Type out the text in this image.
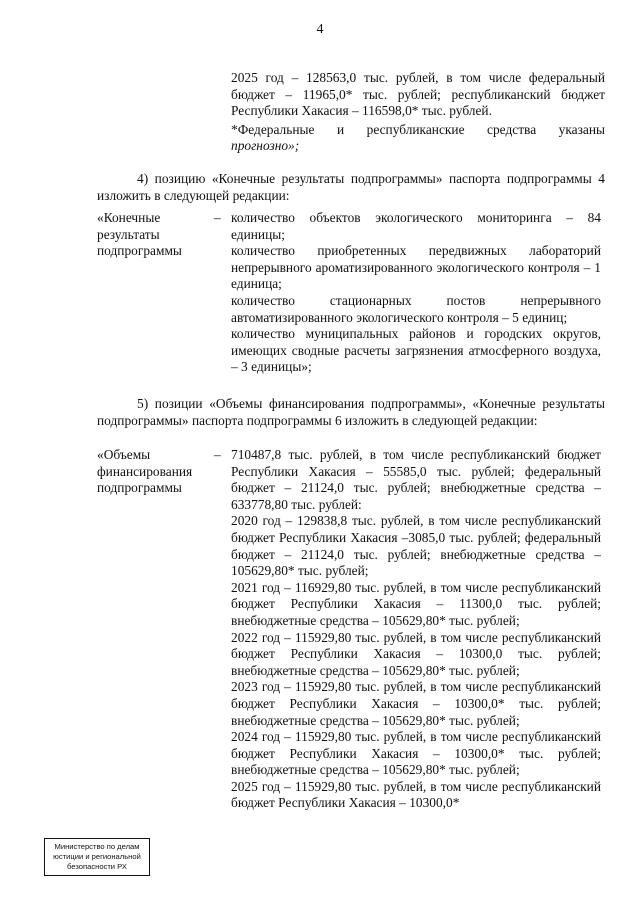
4

2025 год – 128563,0 тыс. рублей, в том числе федеральный бюджет – 11965,0* тыс. рублей; республиканский бюджет Республики Хакасия – 116598,0* тыс. рублей.

*Федеральные и республиканские средства указаны

прогнозно»;

4) позицию «Конечные результаты подпрограммы» паспорта подпрограммы 4 изложить в следующей редакции:

«Конечные результаты подпрограммы
– количество объектов экологического мониторинга – 84 единицы;

количество приобретенных передвижных лабораторий непрерывного ароматизированного экологического контроля – 1 единица;

количество стационарных постов непрерывного автоматизированного экологического контроля – 5 единиц;

количество муниципальных районов и городских округов, имеющих сводные расчеты загрязнения атмосферного воздуха, – 3 единицы»;

5) позиции «Объемы финансирования подпрограммы», «Конечные результаты подпрограммы» паспорта подпрограммы 6 изложить в следующей редакции:

«Объемы финансирования подпрограммы
– 710487,8 тыс. рублей, в том числе республиканский бюджет Республики Хакасия – 55585,0 тыс. рублей; федеральный бюджет – 21124,0 тыс. рублей; внебюджетные средства – 633778,80 тыс. рублей:

2020 год – 129838,8 тыс. рублей, в том числе республиканский бюджет Республики Хакасия –3085,0 тыс. рублей; федеральный бюджет – 21124,0 тыс. рублей; внебюджетные средства – 105629,80* тыс. рублей;

2021 год – 116929,80 тыс. рублей, в том числе республиканский бюджет Республики Хакасия – 11300,0 тыс. рублей; внебюджетные средства – 105629,80* тыс. рублей;

2022 год – 115929,80 тыс. рублей, в том числе республиканский бюджет Республики Хакасия – 10300,0 тыс. рублей; внебюджетные средства – 105629,80* тыс. рублей;

2023 год – 115929,80 тыс. рублей, в том числе республиканский бюджет Республики Хакасия – 10300,0* тыс. рублей; внебюджетные средства – 105629,80* тыс. рублей;

2024 год – 115929,80 тыс. рублей, в том числе республиканский бюджет Республики Хакасия – 10300,0* тыс. рублей; внебюджетные средства – 105629,80* тыс. рублей;

2025 год – 115929,80 тыс. рублей, в том числе республиканский бюджет Республики Хакасия – 10300,0*

Министерство по делам
юстиции и региональной
безопасности РХ
